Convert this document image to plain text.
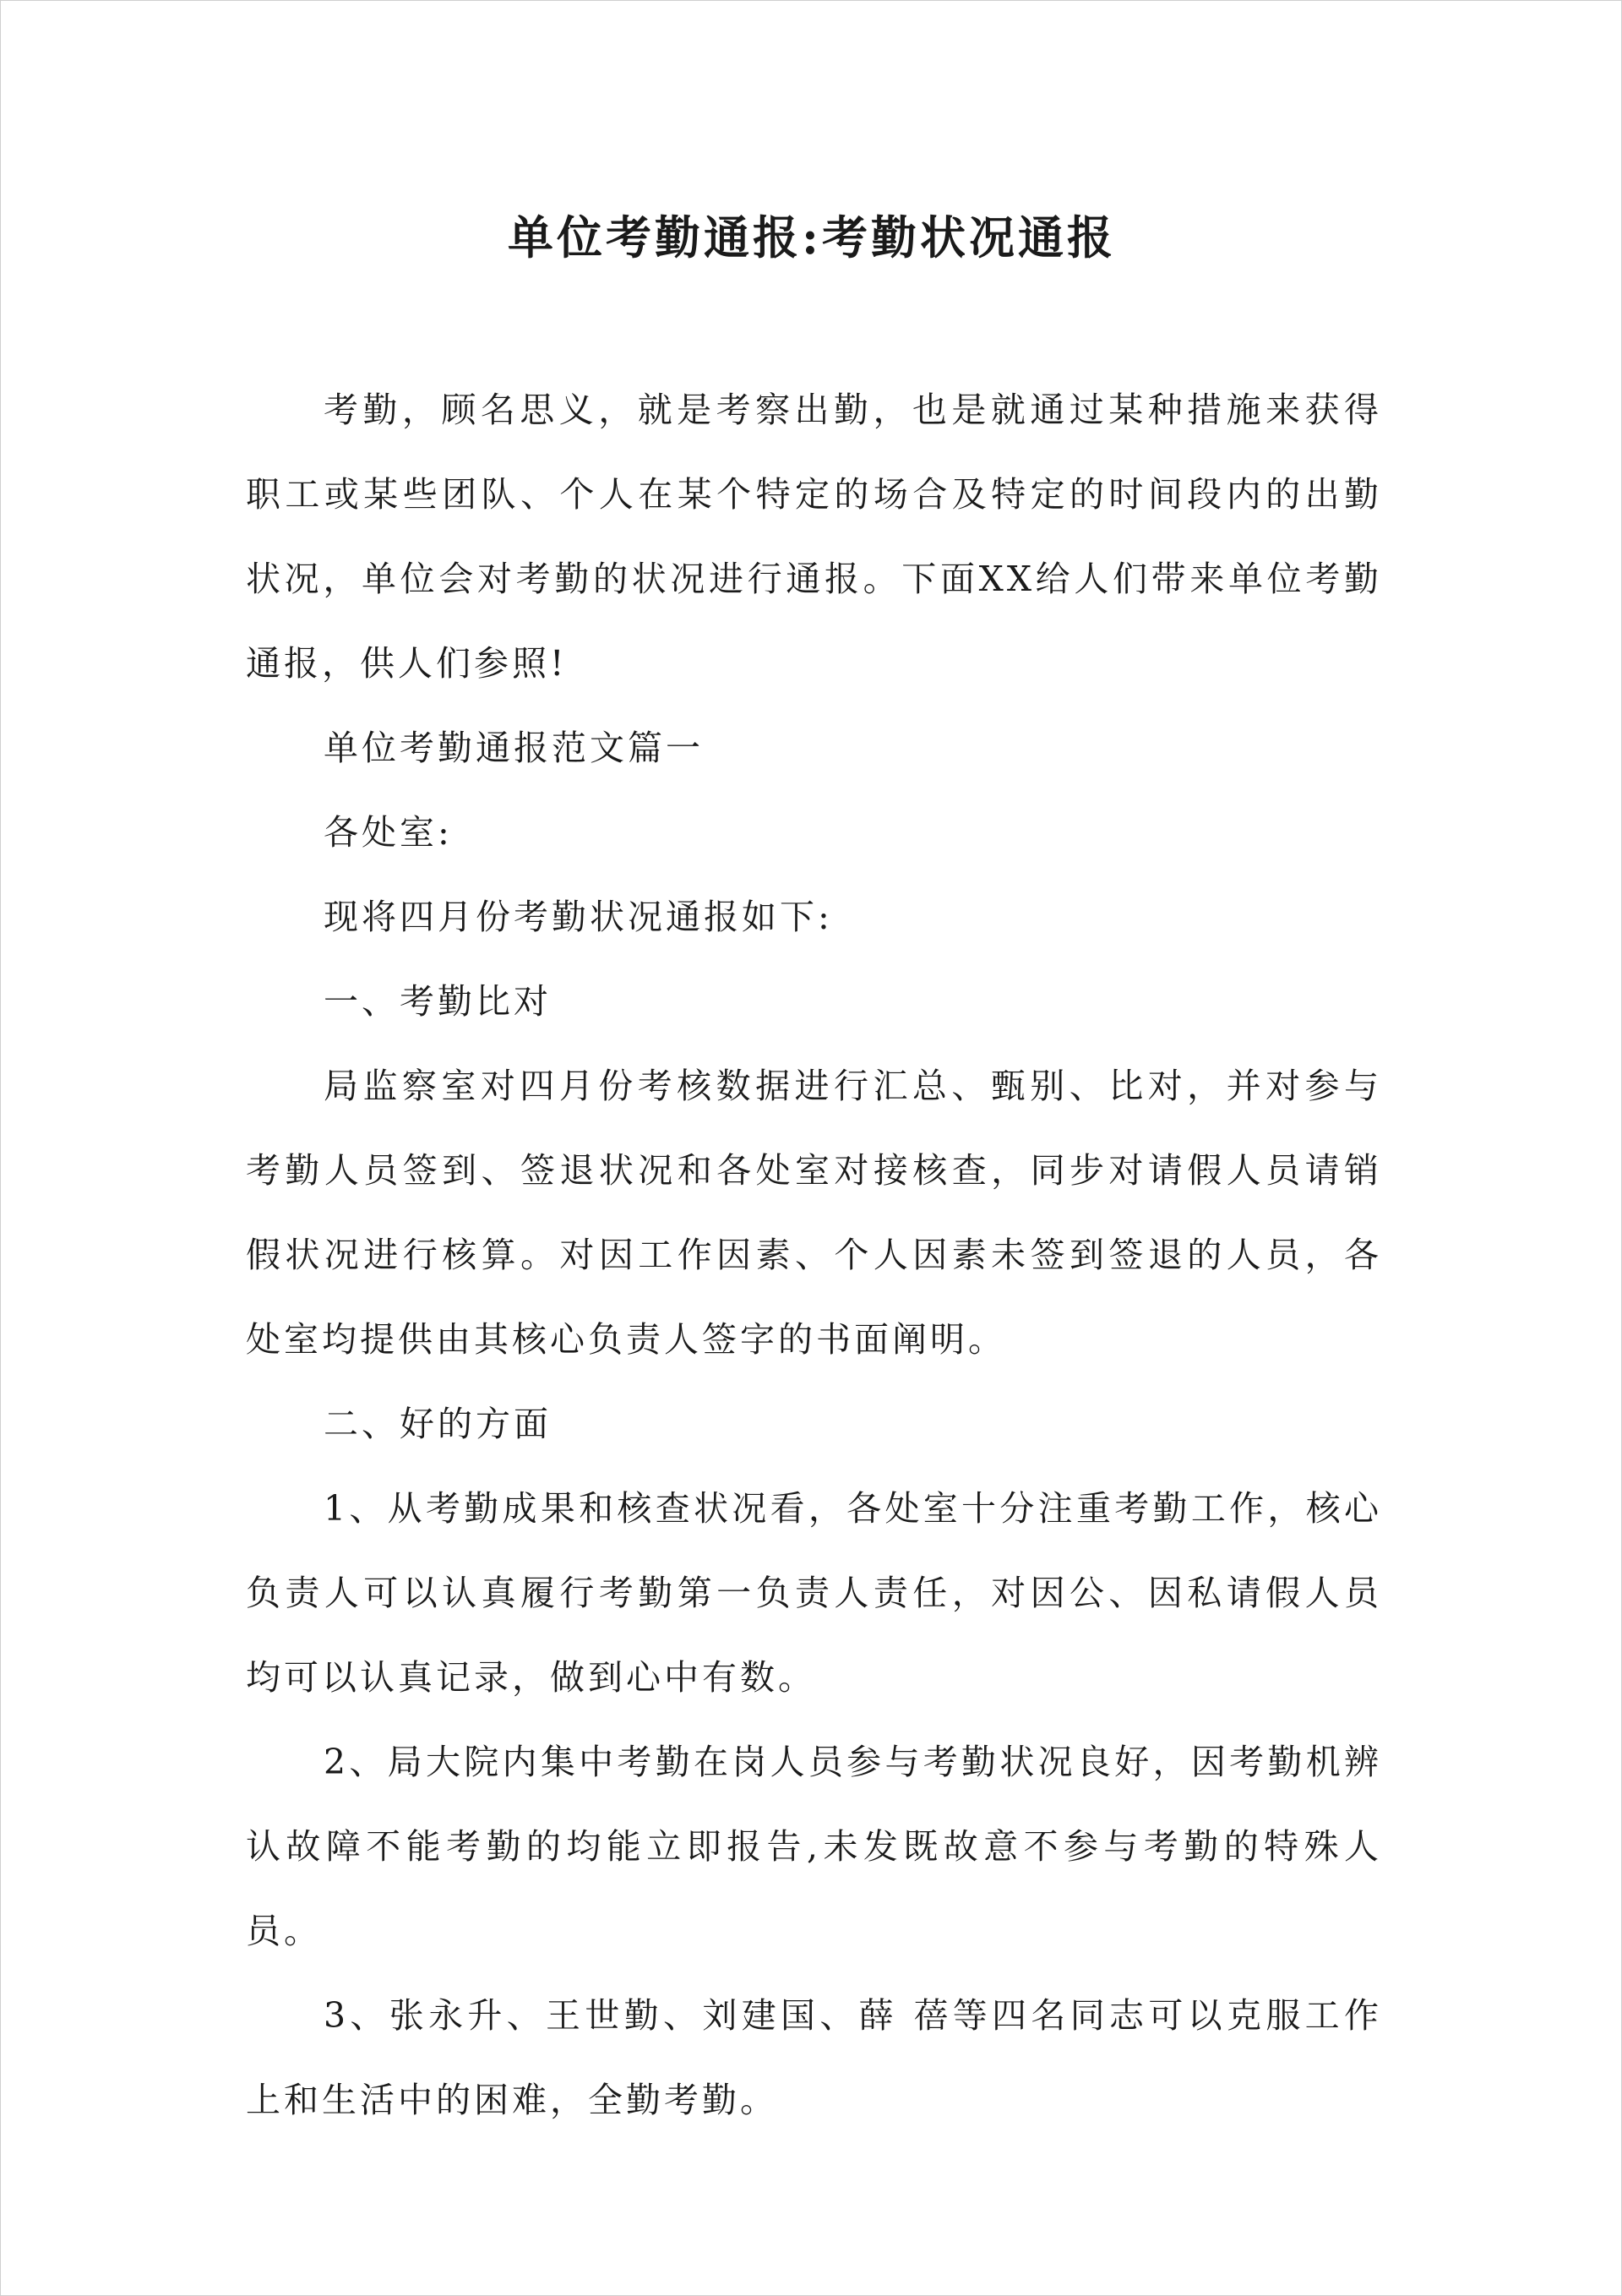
单位考勤通报:考勤状况通报

考勤，顾名思义，就是考察出勤，也是就通过某种措施来获得职工或某些团队、个人在某个特定的场合及特定的时间段内的出勤状况，单位会对考勤的状况进行通报。下面XX给人们带来单位考勤通报，供人们参照!

单位考勤通报范文篇一

各处室:

现将四月份考勤状况通报如下:

一、考勤比对

局监察室对四月份考核数据进行汇总、甄别、比对，并对参与考勤人员签到、签退状况和各处室对接核查，同步对请假人员请销假状况进行核算。对因工作因素、个人因素未签到签退的人员，各处室均提供由其核心负责人签字的书面阐明。

二、好的方面

1、从考勤成果和核查状况看，各处室十分注重考勤工作，核心负责人可以认真履行考勤第一负责人责任，对因公、因私请假人员均可以认真记录，做到心中有数。

2、局大院内集中考勤在岗人员参与考勤状况良好，因考勤机辨认故障不能考勤的均能立即报告,未发既故意不参与考勤的特殊人员。

3、张永升、王世勤、刘建国、薛 蓓等四名同志可以克服工作上和生活中的困难，全勤考勤。
